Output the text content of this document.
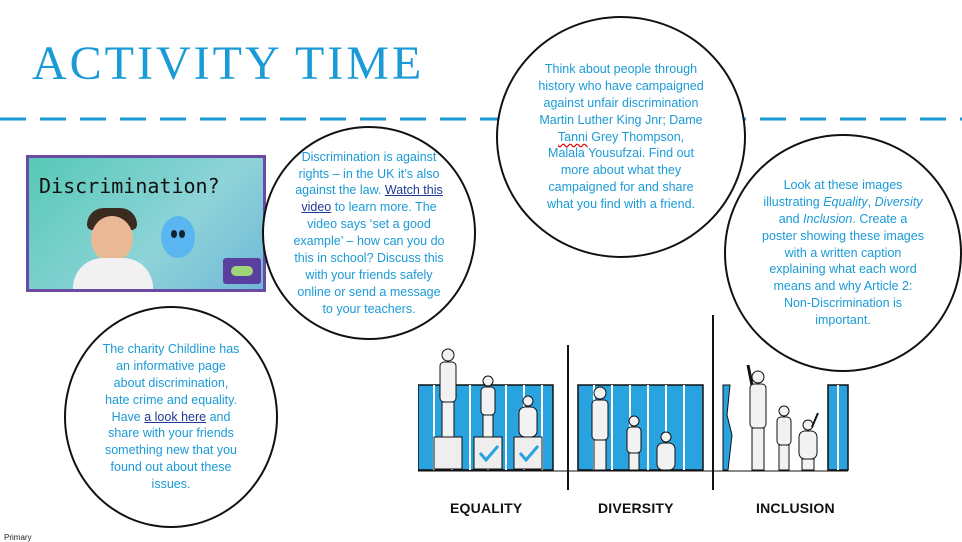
ACTIVITY TIME
Discrimination?

Discrimination is against rights – in the UK it’s also against the law. Watch this video to learn more. The video says ‘set a good example’ – how can you do this in school? Discuss this with your friends safely online or send a message to your teachers.

Think about people through history who have campaigned against unfair discrimination Martin Luther King Jnr; Dame Tanni Grey Thompson, Malala Yousufzai. Find out more about what they campaigned for and share what you find with a friend.

Look at these images illustrating Equality, Diversity and Inclusion. Create a poster showing these images with a written caption explaining what each word means and why Article 2: Non-Discrimination is important.

The charity Childline has an informative page about discrimination, hate crime and equality. Have a look here and share with your friends something new that you found out about these issues.

EQUALITY	DIVERSITY	INCLUSION
Primary
